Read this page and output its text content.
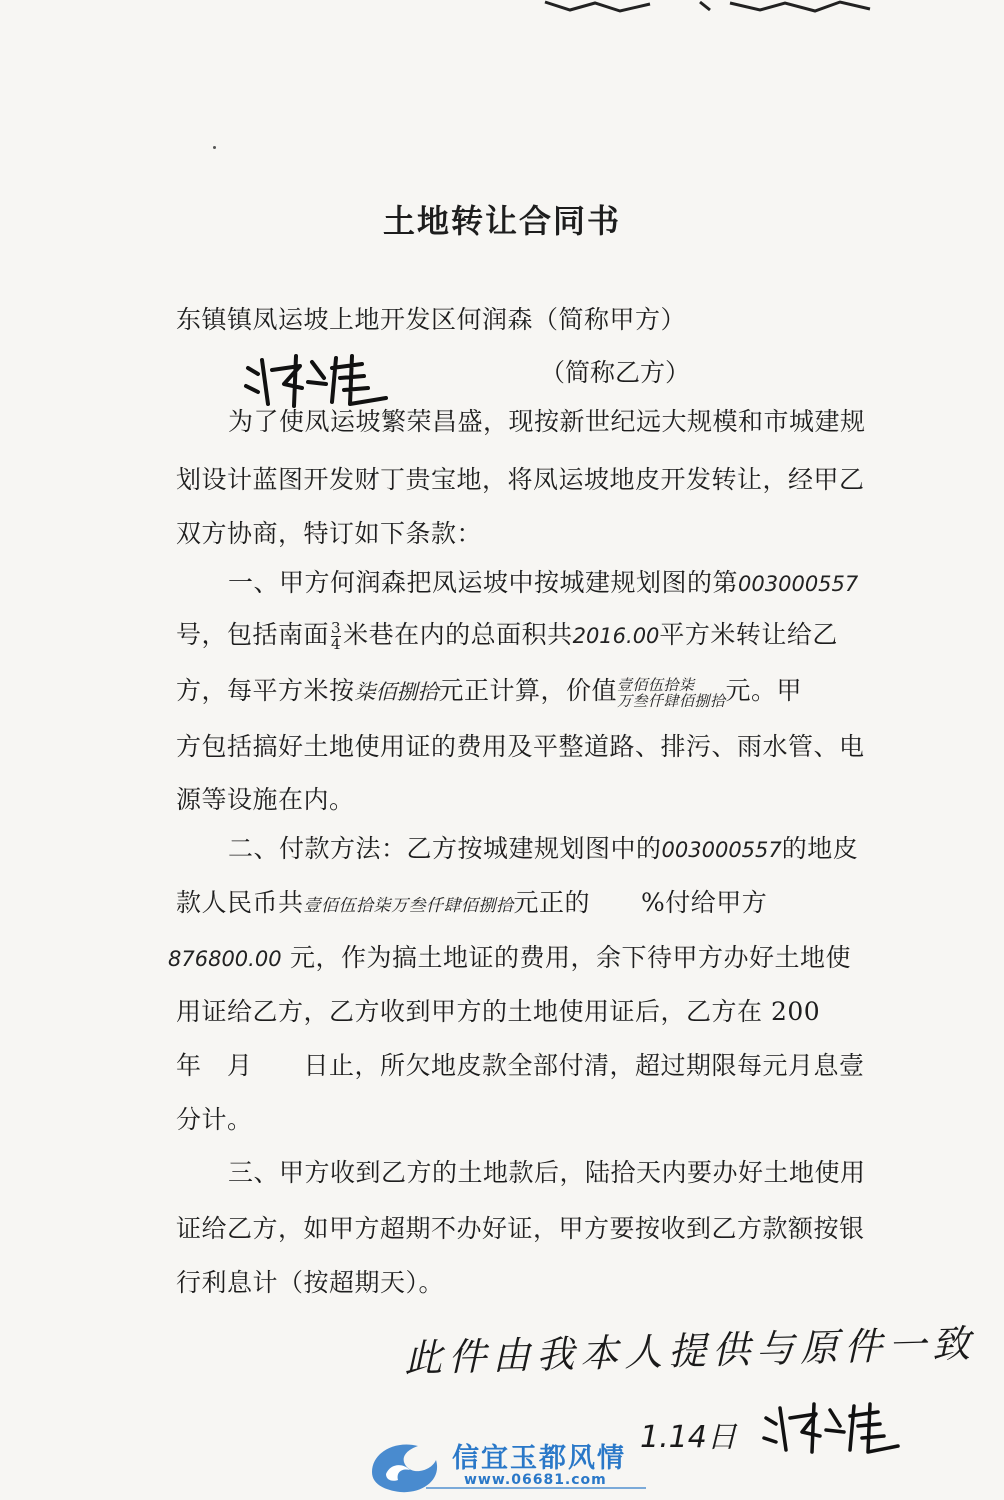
土地转让合同书
东镇镇凤运坡上地开发区何润森（简称甲方）
（简称乙方）
为了使凤运坡繁荣昌盛，现按新世纪远大规模和市城建规
划设计蓝图开发财丁贵宝地，将凤运坡地皮开发转让，经甲乙
双方协商，特订如下条款：
一、甲方何润森把凤运坡中按城建规划图的第003000557
号，包括南面 $\frac{3}{4}$ 米巷在内的总面积共2016.00平方米转让给乙
方，每平方米按柒佰捌拾元正计算，价值 壹佰伍拾柒
万叁仟肆佰捌拾 元。甲
方包括搞好土地使用证的费用及平整道路、排污、雨水管、电
源等设施在内。
二、付款方法：乙方按城建规划图中的003000557的地皮
款人民币共壹佰伍拾柒万叁仟肆佰捌拾元正的　　%付给甲方
876800.00 元，作为搞土地证的费用，余下待甲方办好土地使
用证给乙方，乙方收到甲方的土地使用证后，乙方在 200
年　月　　日止，所欠地皮款全部付清，超过期限每元月息壹
分计。
三、甲方收到乙方的土地款后，陆拾天内要办好土地使用
证给乙方，如甲方超期不办好证，甲方要按收到乙方款额按银
行利息计（按超期天）。
此件由我本人提供与原件一致
1.14日
信宜玉都风情
www.06681.com
